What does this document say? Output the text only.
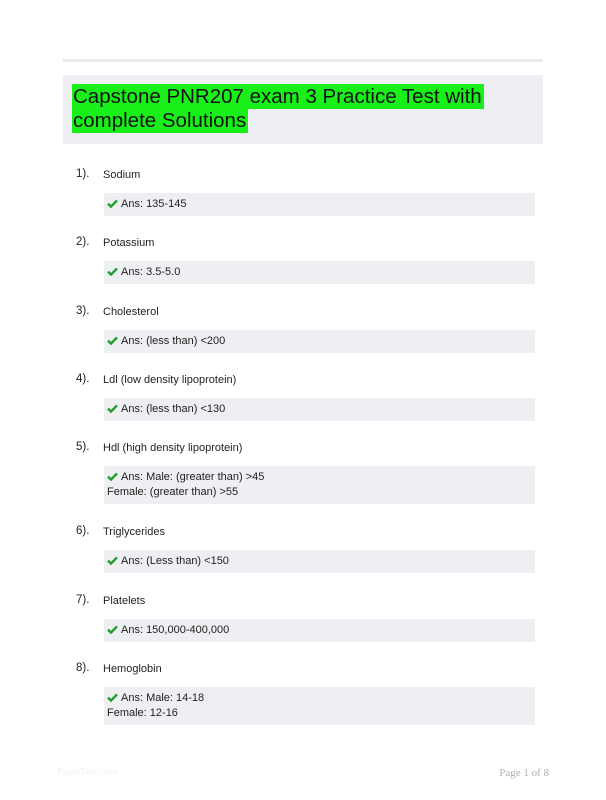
Capstone PNR207 exam 3 Practice Test with
complete Solutions
1). Sodium
Ans: 135-145
2). Potassium
Ans: 3.5-5.0
3). Cholesterol
Ans: (less than) <200
4). Ldl (low density lipoprotein)
Ans: (less than) <130
5). Hdl (high density lipoprotein)
Ans: Male: (greater than) >45
Female: (greater than) >55
6). Triglycerides
Ans: (Less than) <150
7). Platelets
Ans: 150,000-400,000
8). Hemoglobin
Ans: Male: 14-18
Female: 12-16
PaperTnic.com	Page 1 of 8
